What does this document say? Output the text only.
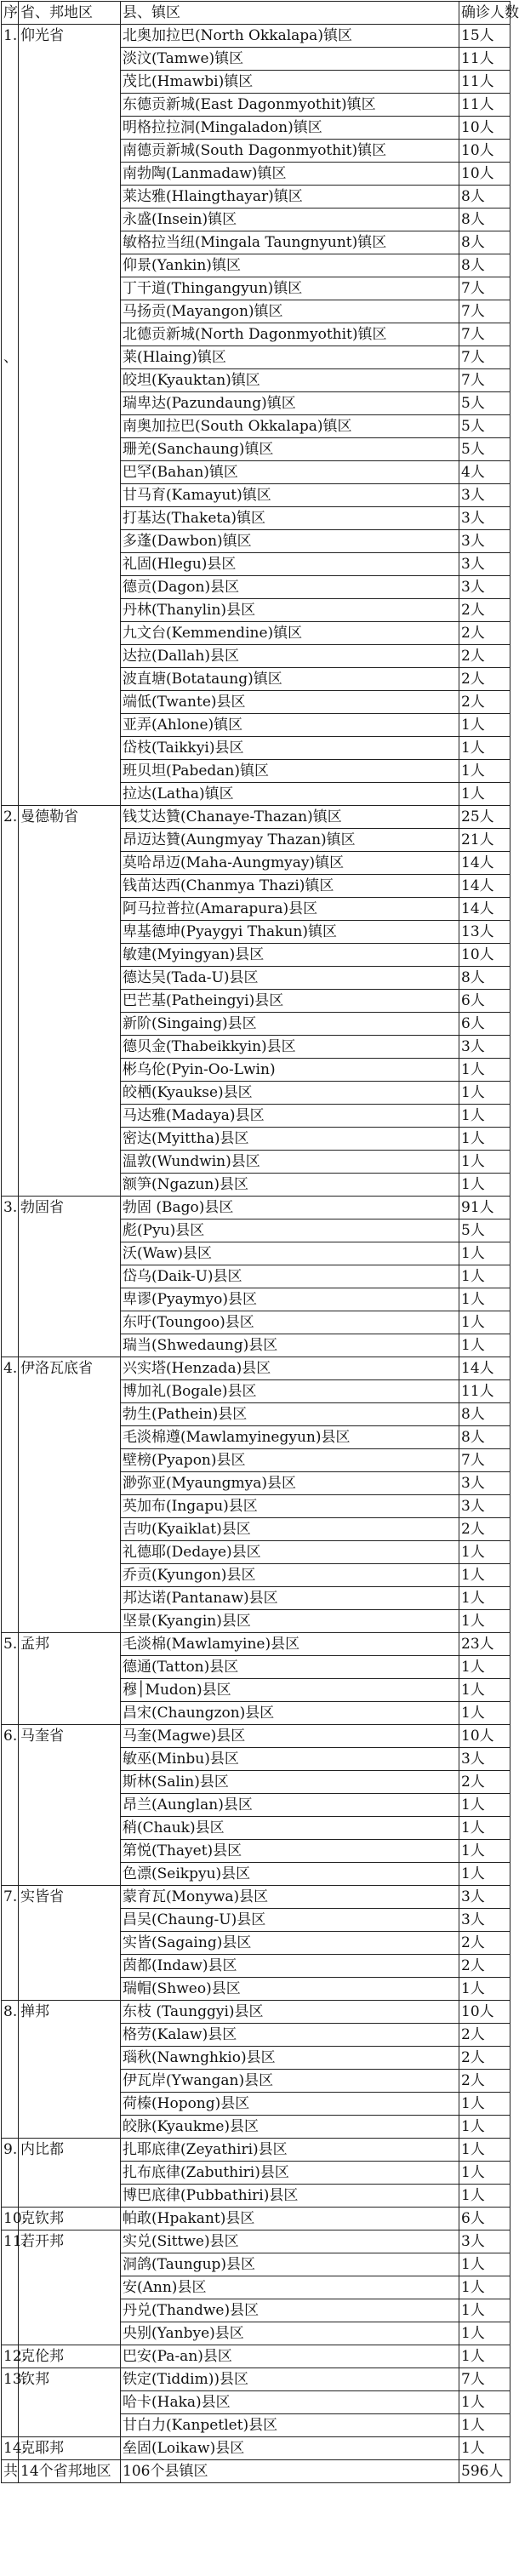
序	省、邦地区	县、镇区	确诊人数
1.	仰光省	北奥加拉巴(North Okkalapa)镇区	15人
		淡汶(Tamwe)镇区	11人
		茂比(Hmawbi)镇区	11人
		东德贡新城(East Dagonmyothit)镇区	11人
		明格拉拉洞(Mingaladon)镇区	10人
		南德贡新城(South Dagonmyothit)镇区	10人
		南勃陶(Lanmadaw)镇区	10人
		莱达雅(Hlaingthayar)镇区	8人
		永盛(Insein)镇区	8人
		敏格拉当纽(Mingala Taungnyunt)镇区	8人
		仰景(Yankin)镇区	8人
		丁干道(Thingangyun)镇区	7人
		马扬贡(Mayangon)镇区	7人
		北德贡新城(North Dagonmyothit)镇区	7人
、		莱(Hlaing)镇区	7人
		皎坦(Kyauktan)镇区	7人
		瑞卑达(Pazundaung)镇区	5人
		南奥加拉巴(South Okkalapa)镇区	5人
		珊羌(Sanchaung)镇区	5人
		巴罕(Bahan)镇区	4人
		甘马育(Kamayut)镇区	3人
		打基达(Thaketa)镇区	3人
		多蓬(Dawbon)镇区	3人
		礼固(Hlegu)县区	3人
		德贡(Dagon)县区	3人
		丹林(Thanylin)县区	2人
		九文台(Kemmendine)镇区	2人
		达拉(Dallah)县区	2人
		波直塘(Botataung)镇区	2人
		端低(Twante)县区	2人
		亚弄(Ahlone)镇区	1人
		岱枝(Taikkyi)县区	1人
		班贝坦(Pabedan)镇区	1人
		拉达(Latha)镇区	1人
2.	曼德勒省	钱艾达贊(Chanaye-Thazan)镇区	25人
		昂迈达贊(Aungmyay Thazan)镇区	21人
		莫哈昂迈(Maha-Aungmyay)镇区	14人
		钱苗达西(Chanmya Thazi)镇区	14人
		阿马拉普拉(Amarapura)县区	14人
		卑基德坤(Pyaygyi Thakun)镇区	13人
		敏建(Myingyan)县区	10人
		德达吴(Tada-U)县区	8人
		巴芒基(Patheingyi)县区	6人
		新阶(Singaing)县区	6人
		德贝金(Thabeikkyin)县区	3人
		彬乌伦(Pyin-Oo-Lwin)	1人
		皎栖(Kyaukse)县区	1人
		马达雅(Madaya)县区	1人
		密达(Myittha)县区	1人
		温敦(Wundwin)县区	1人
		额笋(Ngazun)县区	1人
3.	勃固省	勃固 (Bago)县区	91人
		彪(Pyu)县区	5人
		沃(Waw)县区	1人
		岱乌(Daik-U)县区	1人
		卑谬(Pyaymyo)县区	1人
		东吁(Toungoo)县区	1人
		瑞当(Shwedaung)县区	1人
4.	伊洛瓦底省	兴实塔(Henzada)县区	14人
		博加礼(Bogale)县区	11人
		勃生(Pathein)县区	8人
		毛淡棉遵(Mawlamyinegyun)县区	8人
		壁榜(Pyapon)县区	7人
		渺弥亚(Myaungmya)县区	3人
		英加布(Ingapu)县区	3人
		吉叻(Kyaiklat)县区	2人
		礼德耶(Dedaye)县区	1人
		乔贡(Kyungon)县区	1人
		邦达诺(Pantanaw)县区	1人
		坚景(Kyangin)县区	1人
5.	孟邦	毛淡棉(Mawlamyine)县区	23人
		德通(Tatton)县区	1人
		穆׀Mudon)县区	1人
		昌宋(Chaungzon)县区	1人
6.	马奎省	马奎(Magwe)县区	10人
		敏巫(Minbu)县区	3人
		斯林(Salin)县区	2人
		昂兰(Aunglan)县区	1人
		稍(Chauk)县区	1人
		第悦(Thayet)县区	1人
		色漂(Seikpyu)县区	1人
7.	实皆省	蒙育瓦(Monywa)县区	3人
		昌吴(Chaung-U)县区	3人
		实皆(Sagaing)县区	2人
		茵都(Indaw)县区	2人
		瑞帽(Shweo)县区	1人
8.	掸邦	东枝 (Taunggyi)县区	10人
		格劳(Kalaw)县区	2人
		瑙秋(Nawnghkio)县区	2人
		伊瓦岸(Ywangan)县区	2人
		荷榛(Hopong)县区	1人
		皎脉(Kyaukme)县区	1人
9.	内比都	扎耶底律(Zeyathiri)县区	1人
		扎布底律(Zabuthiri)县区	1人
		博巴底律(Pubbathiri)县区	1人
10.	克钦邦	帕敢(Hpakant)县区	6人
11.	若开邦	实兑(Sittwe)县区	3人
		洞鸽(Taungup)县区	1人
		安(Ann)县区	1人
		丹兑(Thandwe)县区	1人
		央别(Yanbye)县区	1人
12.	克伦邦	巴安(Pa-an)县区	1人
13.	钦邦	铁定(Tiddim))县区	7人
		哈卡(Haka)县区	1人
		甘白力(Kanpetlet)县区	1人
14.	克耶邦	垒固(Loikaw)县区	1人
共	14个省邦地区	106个县镇区	596人
